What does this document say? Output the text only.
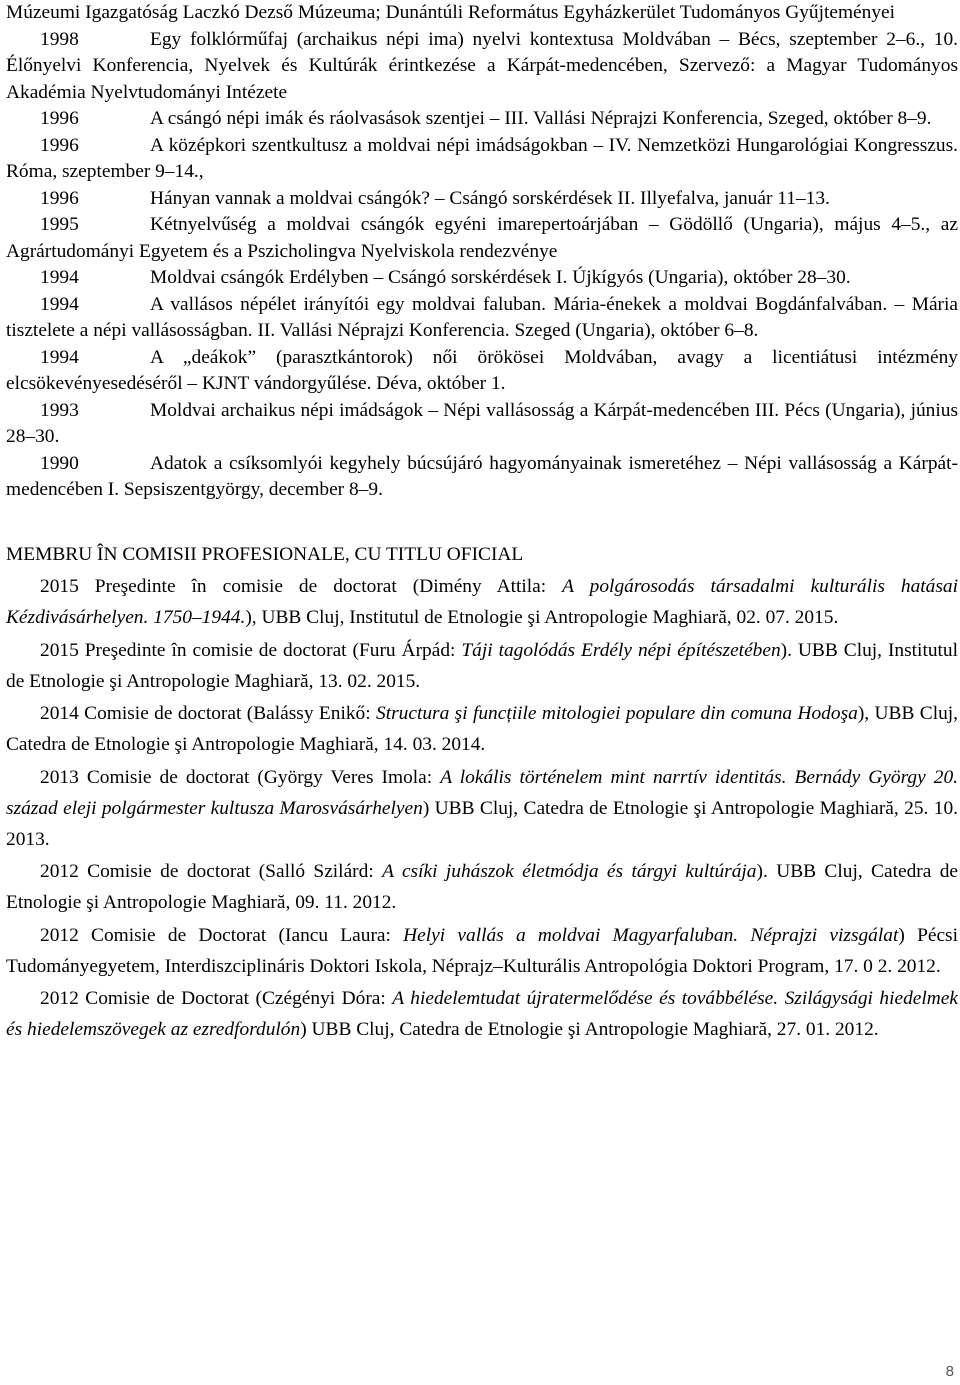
Múzeumi Igazgatóság Laczkó Dezső Múzeuma; Dunántúli Református Egyházkerület Tudományos Gyűjteményei

1998	Egy folklórműfaj (archaikus népi ima) nyelvi kontextusa Moldvában – Bécs, szeptember 2–6., 10. Élőnyelvi Konferencia, Nyelvek és Kultúrák érintkezése a Kárpát-medencében, Szervező: a Magyar Tudományos Akadémia Nyelvtudományi Intézete

1996	A csángó népi imák és ráolvasások szentjei – III. Vallási Néprajzi Konferencia, Szeged, október 8–9.

1996	A középkori szentkultusz a moldvai népi imádságokban – IV. Nemzetközi Hungarológiai Kongresszus. Róma, szeptember 9–14.,

1996	Hányan vannak a moldvai csángók? – Csángó sorskérdések II. Illyefalva, január 11–13.

1995	Kétnyelvűség a moldvai csángók egyéni imarepertoárjában – Gödöllő (Ungaria), május 4–5., az Agrártudományi Egyetem és a Pszicholingva Nyelviskola rendezvénye

1994	Moldvai csángók Erdélyben – Csángó sorskérdések I. Újkígyós (Ungaria), október 28–30.

1994	A vallásos népélet irányítói egy moldvai faluban. Mária-énekek a moldvai Bogdánfalvában. – Mária tisztelete a népi vallásosságban. II. Vallási Néprajzi Konferencia. Szeged (Ungaria), október 6–8.

1994	A „deákok” (parasztkántorok) női örökösei Moldvában, avagy a licentiátusi intézmény elcsökevényesedéséről – KJNT vándorgyűlése. Déva, október 1.

1993	Moldvai archaikus népi imádságok – Népi vallásosság a Kárpát-medencében III. Pécs (Ungaria), június 28–30.

1990	Adatok a csíksomlyói kegyhely búcsújáró hagyományainak ismeretéhez – Népi vallásosság a Kárpát-medencében I. Sepsiszentgyörgy, december 8–9.

MEMBRU ÎN COMISII PROFESIONALE, CU TITLU OFICIAL

2015 Preşedinte în comisie de doctorat (Dimény Attila: A polgárosodás társadalmi kulturális hatásai Kézdivásárhelyen. 1750–1944.), UBB Cluj, Institutul de Etnologie şi Antropologie Maghiară, 02. 07. 2015.

2015 Preşedinte în comisie de doctorat (Furu Árpád: Táji tagolódás Erdély népi építészetében). UBB Cluj, Institutul de Etnologie şi Antropologie Maghiară, 13. 02. 2015.

2014 Comisie de doctorat (Balássy Enikő: Structura şi funcțiile mitologiei populare din comuna Hodoşa), UBB Cluj, Catedra de Etnologie şi Antropologie Maghiară, 14. 03. 2014.

2013 Comisie de doctorat (György Veres Imola: A lokális történelem mint narrtív identitás. Bernády György 20. század eleji polgármester kultusza Marosvásárhelyen) UBB Cluj, Catedra de Etnologie şi Antropologie Maghiară, 25. 10. 2013.

2012 Comisie de doctorat (Salló Szilárd: A csíki juhászok életmódja és tárgyi kultúrája). UBB Cluj, Catedra de Etnologie şi Antropologie Maghiară, 09. 11. 2012.

2012 Comisie de Doctorat (Iancu Laura: Helyi vallás a moldvai Magyarfaluban. Néprajzi vizsgálat) Pécsi Tudományegyetem, Interdiszciplináris Doktori Iskola, Néprajz–Kulturális Antropológia Doktori Program, 17. 0 2. 2012.

2012 Comisie de Doctorat (Czégényi Dóra: A hiedelemtudat újratermelődése és továbbélése. Szilágysági hiedelmek és hiedelemszövegek az ezredfordulón) UBB Cluj, Catedra de Etnologie şi Antropologie Maghiară, 27. 01. 2012.

8
